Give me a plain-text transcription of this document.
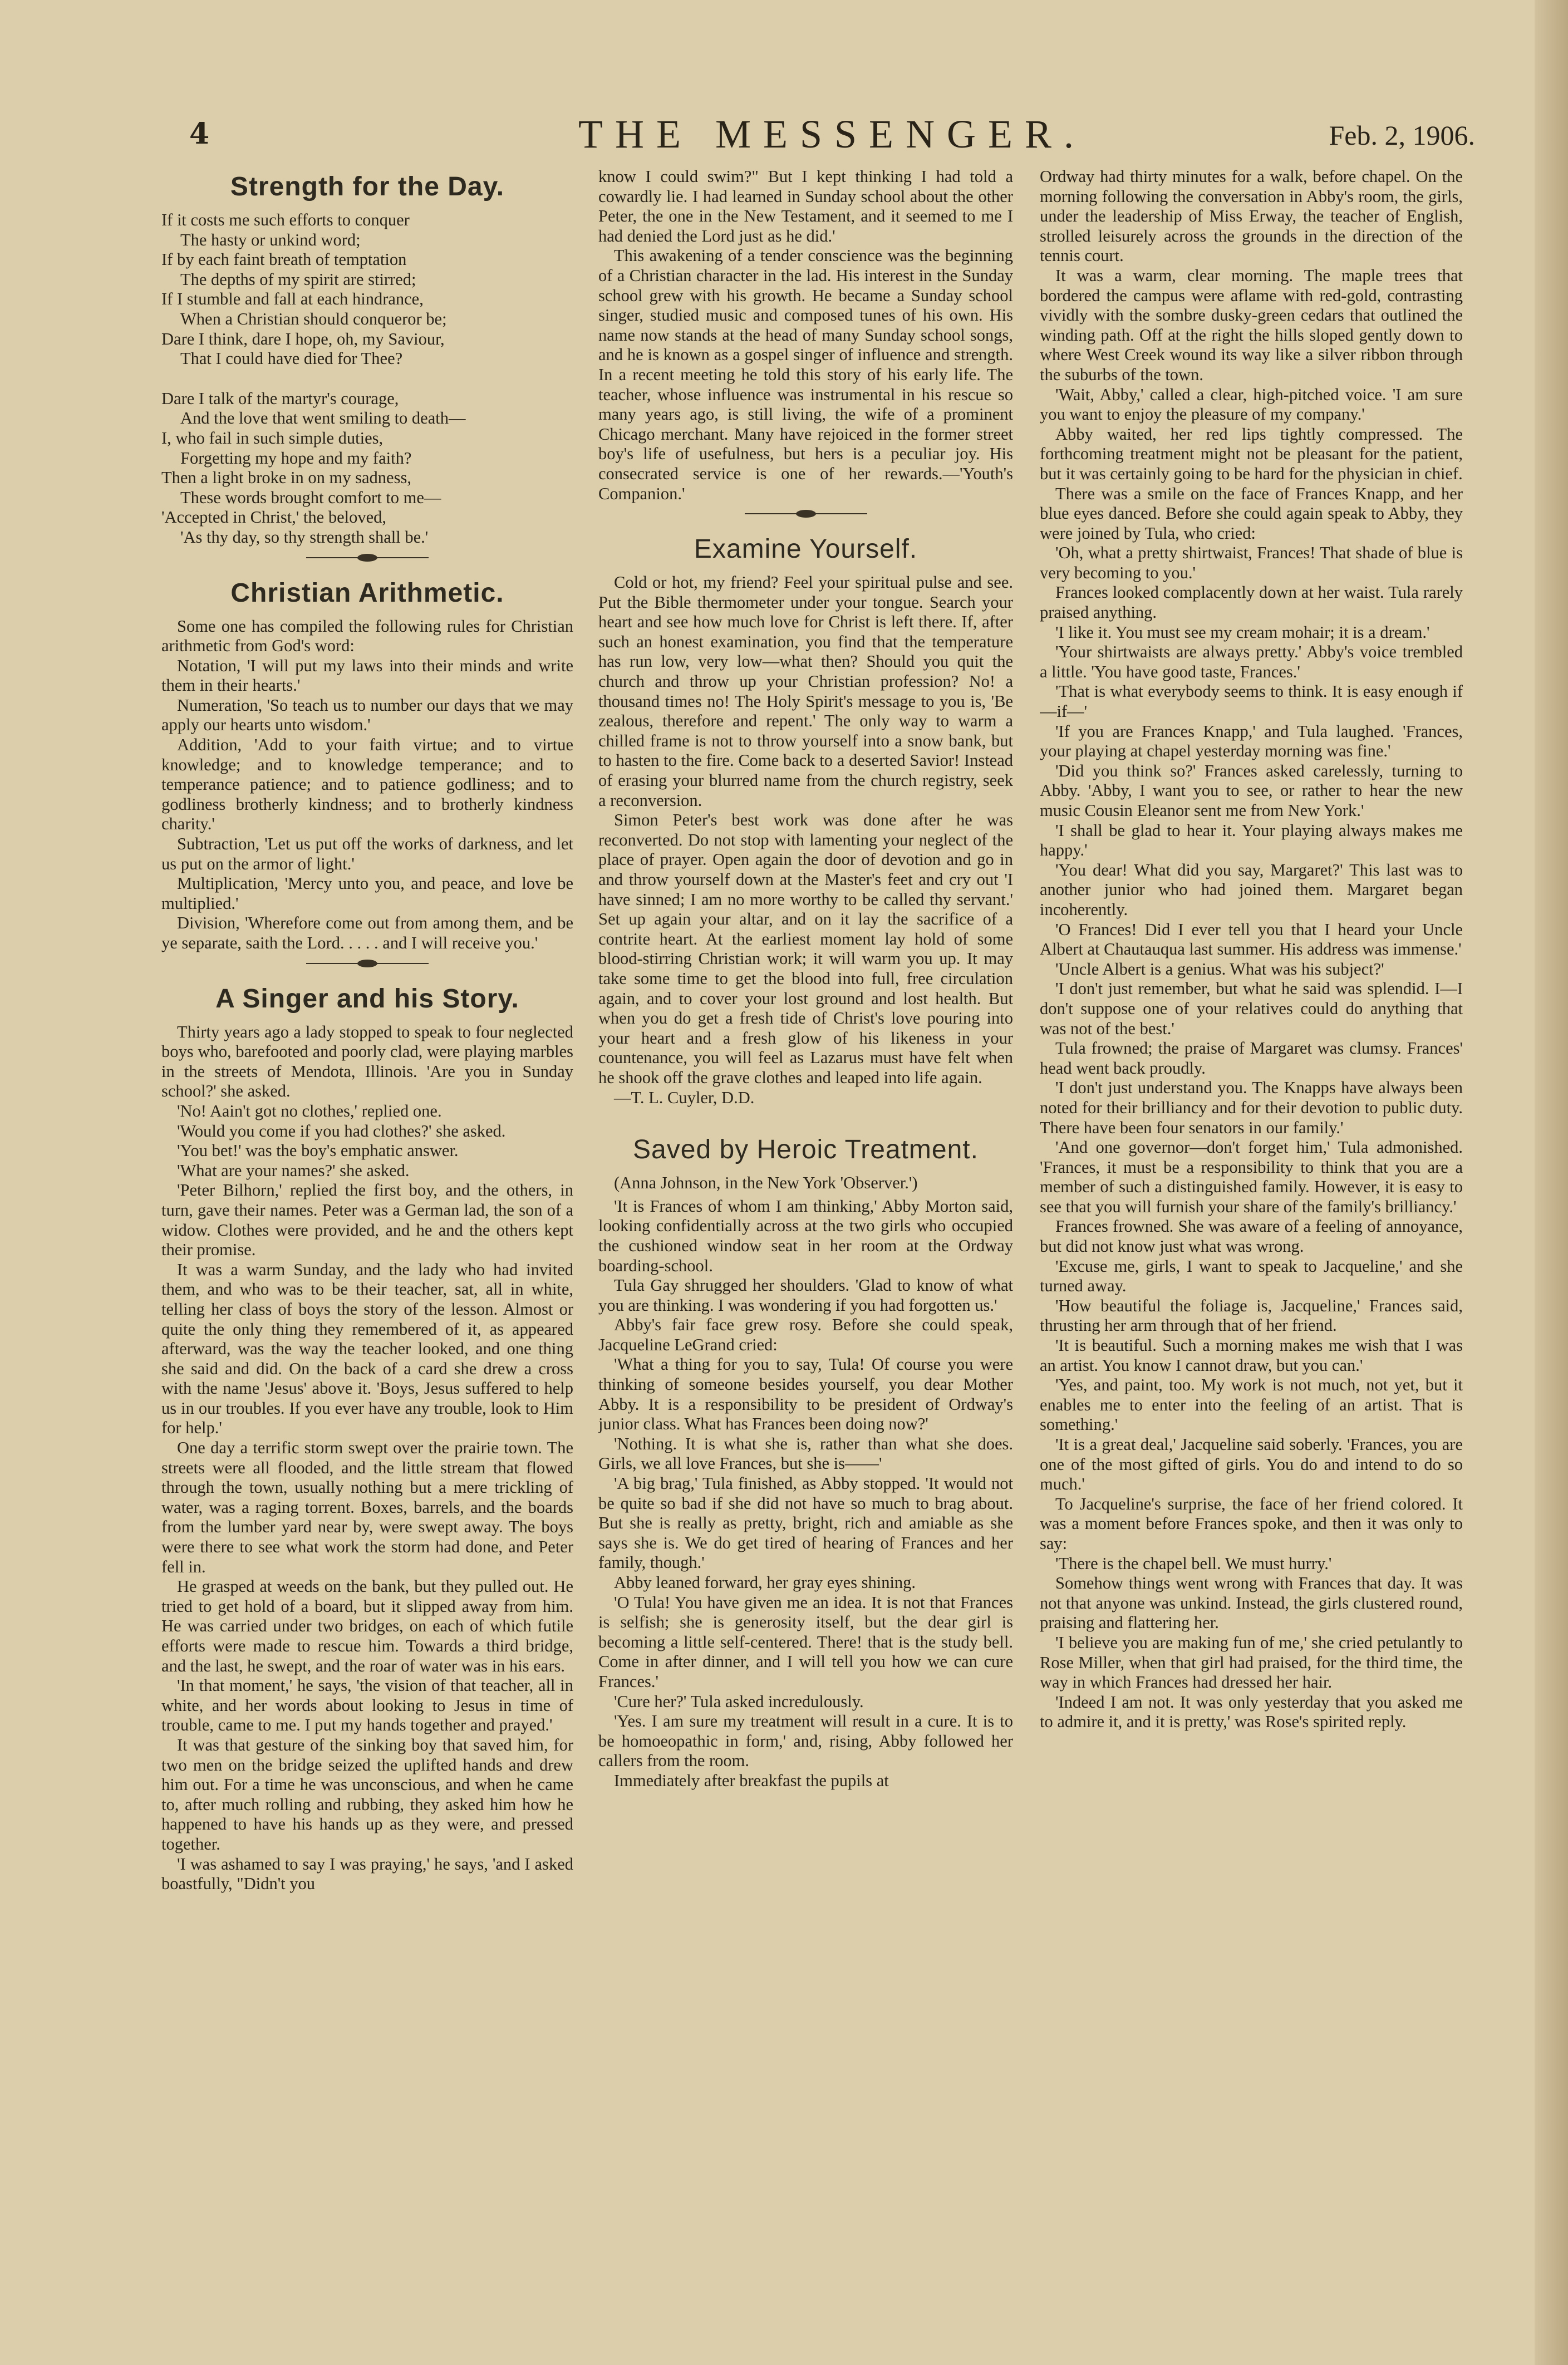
4	THE MESSENGER.	Feb. 2, 1906.
Strength for the Day.
If it costs me such efforts to conquer
The hasty or unkind word;
If by each faint breath of temptation
The depths of my spirit are stirred;
If I stumble and fall at each hindrance,
When a Christian should conqueror be;
Dare I think, dare I hope, oh, my Saviour,
That I could have died for Thee?
Dare I talk of the martyr's courage,
And the love that went smiling to death—
I, who fail in such simple duties,
Forgetting my hope and my faith?
Then a light broke in on my sadness,
These words brought comfort to me—
'Accepted in Christ,' the beloved,
'As thy day, so thy strength shall be.'
Christian Arithmetic.

Some one has compiled the following rules for Christian arithmetic from God's word:

Notation, 'I will put my laws into their minds and write them in their hearts.'

Numeration, 'So teach us to number our days that we may apply our hearts unto wisdom.'

Addition, 'Add to your faith virtue; and to virtue knowledge; and to knowledge temperance; and to temperance patience; and to patience godliness; and to godliness brotherly kindness; and to brotherly kindness charity.'

Subtraction, 'Let us put off the works of darkness, and let us put on the armor of light.'

Multiplication, 'Mercy unto you, and peace, and love be multiplied.'

Division, 'Wherefore come out from among them, and be ye separate, saith the Lord. . . . . and I will receive you.'

A Singer and his Story.

Thirty years ago a lady stopped to speak to four neglected boys who, barefooted and poorly clad, were playing marbles in the streets of Mendota, Illinois. 'Are you in Sunday school?' she asked.

'No! Aain't got no clothes,' replied one.

'Would you come if you had clothes?' she asked.

'You bet!' was the boy's emphatic answer.

'What are your names?' she asked.

'Peter Bilhorn,' replied the first boy, and the others, in turn, gave their names. Peter was a German lad, the son of a widow. Clothes were provided, and he and the others kept their promise.

It was a warm Sunday, and the lady who had invited them, and who was to be their teacher, sat, all in white, telling her class of boys the story of the lesson. Almost or quite the only thing they remembered of it, as appeared afterward, was the way the teacher looked, and one thing she said and did. On the back of a card she drew a cross with the name 'Jesus' above it. 'Boys, Jesus suffered to help us in our troubles. If you ever have any trouble, look to Him for help.'

One day a terrific storm swept over the prairie town. The streets were all flooded, and the little stream that flowed through the town, usually nothing but a mere trickling of water, was a raging torrent. Boxes, barrels, and the boards from the lumber yard near by, were swept away. The boys were there to see what work the storm had done, and Peter fell in.

He grasped at weeds on the bank, but they pulled out. He tried to get hold of a board, but it slipped away from him. He was carried under two bridges, on each of which futile efforts were made to rescue him. Towards a third bridge, and the last, he swept, and the roar of water was in his ears.

'In that moment,' he says, 'the vision of that teacher, all in white, and her words about looking to Jesus in time of trouble, came to me. I put my hands together and prayed.'

It was that gesture of the sinking boy that saved him, for two men on the bridge seized the uplifted hands and drew him out. For a time he was unconscious, and when he came to, after much rolling and rubbing, they asked him how he happened to have his hands up as they were, and pressed together.

'I was ashamed to say I was praying,' he says, 'and I asked boastfully, "Didn't you

know I could swim?" But I kept thinking I had told a cowardly lie. I had learned in Sunday school about the other Peter, the one in the New Testament, and it seemed to me I had denied the Lord just as he did.'

This awakening of a tender conscience was the beginning of a Christian character in the lad. His interest in the Sunday school grew with his growth. He became a Sunday school singer, studied music and composed tunes of his own. His name now stands at the head of many Sunday school songs, and he is known as a gospel singer of influence and strength. In a recent meeting he told this story of his early life. The teacher, whose influence was instrumental in his rescue so many years ago, is still living, the wife of a prominent Chicago merchant. Many have rejoiced in the former street boy's life of usefulness, but hers is a peculiar joy. His consecrated service is one of her rewards.—'Youth's Companion.'

Examine Yourself.

Cold or hot, my friend? Feel your spiritual pulse and see. Put the Bible thermometer under your tongue. Search your heart and see how much love for Christ is left there. If, after such an honest examination, you find that the temperature has run low, very low—what then? Should you quit the church and throw up your Christian profession? No! a thousand times no! The Holy Spirit's message to you is, 'Be zealous, therefore and repent.' The only way to warm a chilled frame is not to throw yourself into a snow bank, but to hasten to the fire. Come back to a deserted Savior! Instead of erasing your blurred name from the church registry, seek a reconversion.

Simon Peter's best work was done after he was reconverted. Do not stop with lamenting your neglect of the place of prayer. Open again the door of devotion and go in and throw yourself down at the Master's feet and cry out 'I have sinned; I am no more worthy to be called thy servant.' Set up again your altar, and on it lay the sacrifice of a contrite heart. At the earliest moment lay hold of some blood-stirring Christian work; it will warm you up. It may take some time to get the blood into full, free circulation again, and to cover your lost ground and lost health. But when you do get a fresh tide of Christ's love pouring into your heart and a fresh glow of his likeness in your countenance, you will feel as Lazarus must have felt when he shook off the grave clothes and leaped into life again.

—T. L. Cuyler, D.D.

Saved by Heroic Treatment.

(Anna Johnson, in the New York 'Observer.')

'It is Frances of whom I am thinking,' Abby Morton said, looking confidentially across at the two girls who occupied the cushioned window seat in her room at the Ordway boarding-school.

Tula Gay shrugged her shoulders. 'Glad to know of what you are thinking. I was wondering if you had forgotten us.'

Abby's fair face grew rosy. Before she could speak, Jacqueline LeGrand cried:

'What a thing for you to say, Tula! Of course you were thinking of someone besides yourself, you dear Mother Abby. It is a responsibility to be president of Ordway's junior class. What has Frances been doing now?'

'Nothing. It is what she is, rather than what she does. Girls, we all love Frances, but she is——'

'A big brag,' Tula finished, as Abby stopped. 'It would not be quite so bad if she did not have so much to brag about. But she is really as pretty, bright, rich and amiable as she says she is. We do get tired of hearing of Frances and her family, though.'

Abby leaned forward, her gray eyes shining.

'O Tula! You have given me an idea. It is not that Frances is selfish; she is generosity itself, but the dear girl is becoming a little self-centered. There! that is the study bell. Come in after dinner, and I will tell you how we can cure Frances.'

'Cure her?' Tula asked incredulously.

'Yes. I am sure my treatment will result in a cure. It is to be homoeopathic in form,' and, rising, Abby followed her callers from the room.

Immediately after breakfast the pupils at

Ordway had thirty minutes for a walk, before chapel. On the morning following the conversation in Abby's room, the girls, under the leadership of Miss Erway, the teacher of English, strolled leisurely across the grounds in the direction of the tennis court.

It was a warm, clear morning. The maple trees that bordered the campus were aflame with red-gold, contrasting vividly with the sombre dusky-green cedars that outlined the winding path. Off at the right the hills sloped gently down to where West Creek wound its way like a silver ribbon through the suburbs of the town.

'Wait, Abby,' called a clear, high-pitched voice. 'I am sure you want to enjoy the pleasure of my company.'

Abby waited, her red lips tightly compressed. The forthcoming treatment might not be pleasant for the patient, but it was certainly going to be hard for the physician in chief.

There was a smile on the face of Frances Knapp, and her blue eyes danced. Before she could again speak to Abby, they were joined by Tula, who cried:

'Oh, what a pretty shirtwaist, Frances! That shade of blue is very becoming to you.'

Frances looked complacently down at her waist. Tula rarely praised anything.

'I like it. You must see my cream mohair; it is a dream.'

'Your shirtwaists are always pretty.' Abby's voice trembled a little. 'You have good taste, Frances.'

'That is what everybody seems to think. It is easy enough if—if—'

'If you are Frances Knapp,' and Tula laughed. 'Frances, your playing at chapel yesterday morning was fine.'

'Did you think so?' Frances asked carelessly, turning to Abby. 'Abby, I want you to see, or rather to hear the new music Cousin Eleanor sent me from New York.'

'I shall be glad to hear it. Your playing always makes me happy.'

'You dear! What did you say, Margaret?' This last was to another junior who had joined them. Margaret began incoherently.

'O Frances! Did I ever tell you that I heard your Uncle Albert at Chautauqua last summer. His address was immense.'

'Uncle Albert is a genius. What was his subject?'

'I don't just remember, but what he said was splendid. I—I don't suppose one of your relatives could do anything that was not of the best.'

Tula frowned; the praise of Margaret was clumsy. Frances' head went back proudly.

'I don't just understand you. The Knapps have always been noted for their brilliancy and for their devotion to public duty. There have been four senators in our family.'

'And one governor—don't forget him,' Tula admonished. 'Frances, it must be a responsibility to think that you are a member of such a distinguished family. However, it is easy to see that you will furnish your share of the family's brilliancy.'

Frances frowned. She was aware of a feeling of annoyance, but did not know just what was wrong.

'Excuse me, girls, I want to speak to Jacqueline,' and she turned away.

'How beautiful the foliage is, Jacqueline,' Frances said, thrusting her arm through that of her friend.

'It is beautiful. Such a morning makes me wish that I was an artist. You know I cannot draw, but you can.'

'Yes, and paint, too. My work is not much, not yet, but it enables me to enter into the feeling of an artist. That is something.'

'It is a great deal,' Jacqueline said soberly. 'Frances, you are one of the most gifted of girls. You do and intend to do so much.'

To Jacqueline's surprise, the face of her friend colored. It was a moment before Frances spoke, and then it was only to say:

'There is the chapel bell. We must hurry.'

Somehow things went wrong with Frances that day. It was not that anyone was unkind. Instead, the girls clustered round, praising and flattering her.

'I believe you are making fun of me,' she cried petulantly to Rose Miller, when that girl had praised, for the third time, the way in which Frances had dressed her hair.

'Indeed I am not. It was only yesterday that you asked me to admire it, and it is pretty,' was Rose's spirited reply.
